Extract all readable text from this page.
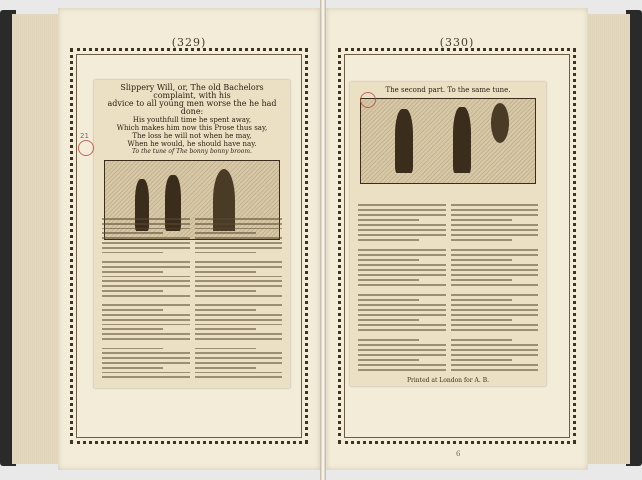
(329)
Slippery Will, or, The old Bachelors complaint, with his
advice to all young men worse the he had done:
His youthfull time he spent away,
Which makes him now this Prose thus say,
The loss he will not when he may,
When he would, he should have nay.
To the tune of The bonny bonny broom.
21
(330)
The second part. To the same tune.
Printed at London for A. B.
6
